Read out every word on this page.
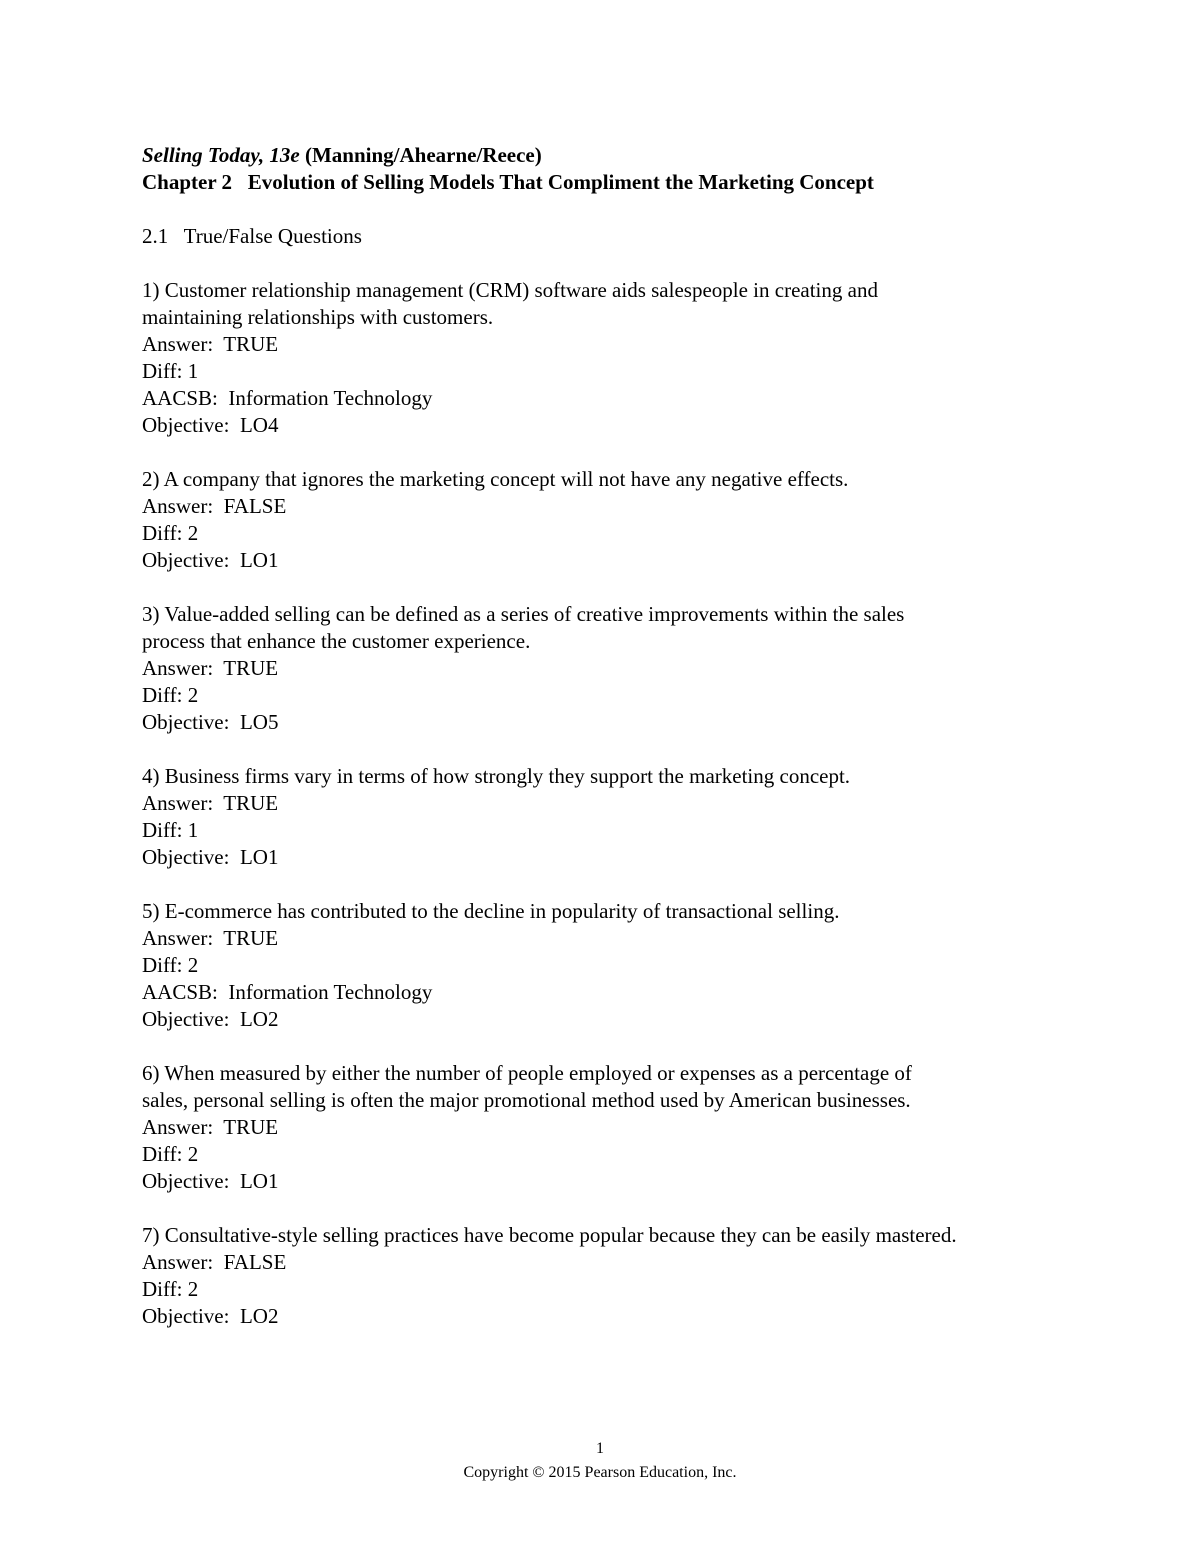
Selling Today, 13e (Manning/Ahearne/Reece)
Chapter 2   Evolution of Selling Models That Compliment the Marketing Concept
2.1   True/False Questions
1) Customer relationship management (CRM) software aids salespeople in creating and
maintaining relationships with customers.
Answer:  TRUE
Diff: 1
AACSB:  Information Technology
Objective:  LO4
2) A company that ignores the marketing concept will not have any negative effects.
Answer:  FALSE
Diff: 2
Objective:  LO1
3) Value-added selling can be defined as a series of creative improvements within the sales
process that enhance the customer experience.
Answer:  TRUE
Diff: 2
Objective:  LO5
4) Business firms vary in terms of how strongly they support the marketing concept.
Answer:  TRUE
Diff: 1
Objective:  LO1
5) E-commerce has contributed to the decline in popularity of transactional selling.
Answer:  TRUE
Diff: 2
AACSB:  Information Technology
Objective:  LO2
6) When measured by either the number of people employed or expenses as a percentage of
sales, personal selling is often the major promotional method used by American businesses.
Answer:  TRUE
Diff: 2
Objective:  LO1
7) Consultative-style selling practices have become popular because they can be easily mastered.
Answer:  FALSE
Diff: 2
Objective:  LO2
1
Copyright © 2015 Pearson Education, Inc.
